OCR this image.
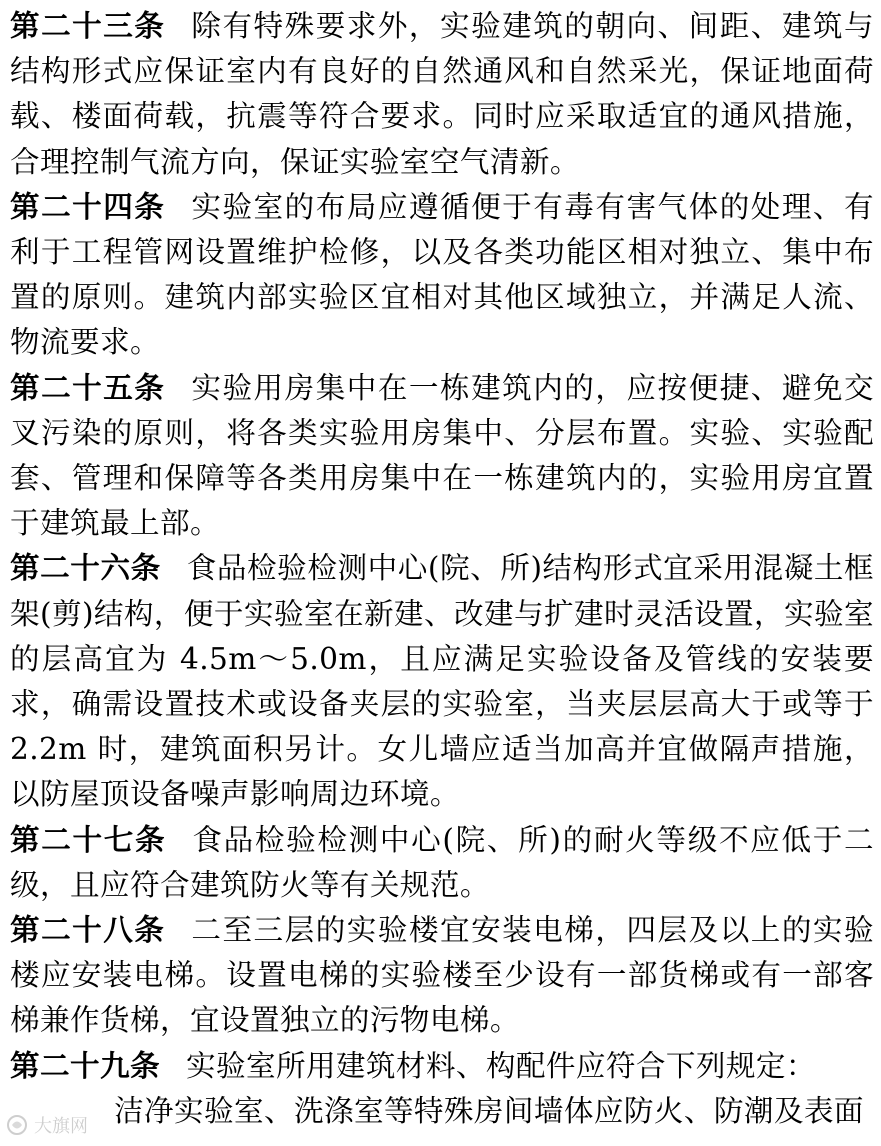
第二十三条 除有特殊要求外，实验建筑的朝向、间距、建筑与结构形式应保证室内有良好的自然通风和自然采光，保证地面荷载、楼面荷载，抗震等符合要求。同时应采取适宜的通风措施，合理控制气流方向，保证实验室空气清新。

第二十四条 实验室的布局应遵循便于有毒有害气体的处理、有利于工程管网设置维护检修，以及各类功能区相对独立、集中布置的原则。建筑内部实验区宜相对其他区域独立，并满足人流、物流要求。

第二十五条 实验用房集中在一栋建筑内的，应按便捷、避免交叉污染的原则，将各类实验用房集中、分层布置。实验、实验配套、管理和保障等各类用房集中在一栋建筑内的，实验用房宜置于建筑最上部。

第二十六条 食品检验检测中心(院、所)结构形式宜采用混凝土框架(剪)结构，便于实验室在新建、改建与扩建时灵活设置，实验室的层高宜为 4.5m～5.0m，且应满足实验设备及管线的安装要求，确需设置技术或设备夹层的实验室，当夹层层高大于或等于 2.2m 时，建筑面积另计。女儿墙应适当加高并宜做隔声措施，以防屋顶设备噪声影响周边环境。

第二十七条 食品检验检测中心(院、所)的耐火等级不应低于二级，且应符合建筑防火等有关规范。

第二十八条 二至三层的实验楼宜安装电梯，四层及以上的实验楼应安装电梯。设置电梯的实验楼至少设有一部货梯或有一部客梯兼作货梯，宜设置独立的污物电梯。

第二十九条 实验室所用建筑材料、构配件应符合下列规定：

洁净实验室、洗涤室等特殊房间墙体应防火、防潮及表面

大旗网
